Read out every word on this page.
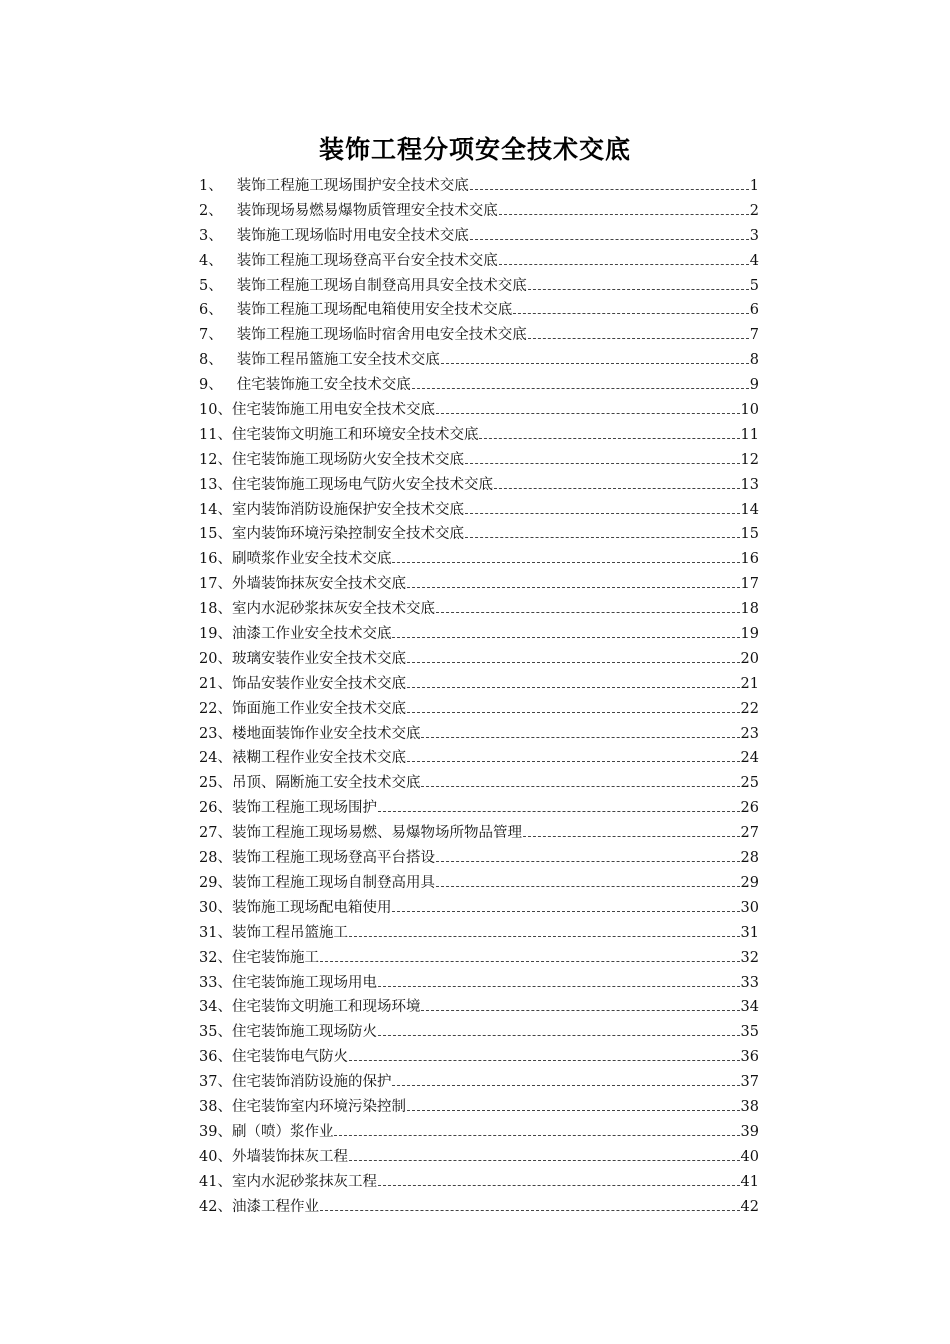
装饰工程分项安全技术交底
1、 装饰工程施工现场围护安全技术交底	1
2、 装饰现场易燃易爆物质管理安全技术交底	2
3、 装饰施工现场临时用电安全技术交底	3
4、 装饰工程施工现场登高平台安全技术交底	4
5、 装饰工程施工现场自制登高用具安全技术交底	5
6、 装饰工程施工现场配电箱使用安全技术交底	6
7、 装饰工程施工现场临时宿舍用电安全技术交底	7
8、 装饰工程吊篮施工安全技术交底	8
9、 住宅装饰施工安全技术交底	9
10、 住宅装饰施工用电安全技术交底	10
11、 住宅装饰文明施工和环境安全技术交底	11
12、 住宅装饰施工现场防火安全技术交底	12
13、 住宅装饰施工现场电气防火安全技术交底	13
14、 室内装饰消防设施保护安全技术交底	14
15、 室内装饰环境污染控制安全技术交底	15
16、 刷喷浆作业安全技术交底	16
17、 外墙装饰抹灰安全技术交底	17
18、 室内水泥砂浆抹灰安全技术交底	18
19、 油漆工作业安全技术交底	19
20、 玻璃安装作业安全技术交底	20
21、 饰品安装作业安全技术交底	21
22、 饰面施工作业安全技术交底	22
23、 楼地面装饰作业安全技术交底	23
24、 裱糊工程作业安全技术交底	24
25、 吊顶、隔断施工安全技术交底	25
26、 装饰工程施工现场围护	26
27、 装饰工程施工现场易燃、易爆物场所物品管理	27
28、 装饰工程施工现场登高平台搭设	28
29、 装饰工程施工现场自制登高用具	29
30、 装饰施工现场配电箱使用	30
31、 装饰工程吊篮施工	31
32、 住宅装饰施工	32
33、 住宅装饰施工现场用电	33
34、 住宅装饰文明施工和现场环境	34
35、 住宅装饰施工现场防火	35
36、 住宅装饰电气防火	36
37、 住宅装饰消防设施的保护	37
38、 住宅装饰室内环境污染控制	38
39、 刷（喷）浆作业	39
40、 外墙装饰抹灰工程	40
41、 室内水泥砂浆抹灰工程	41
42、 油漆工程作业	42
